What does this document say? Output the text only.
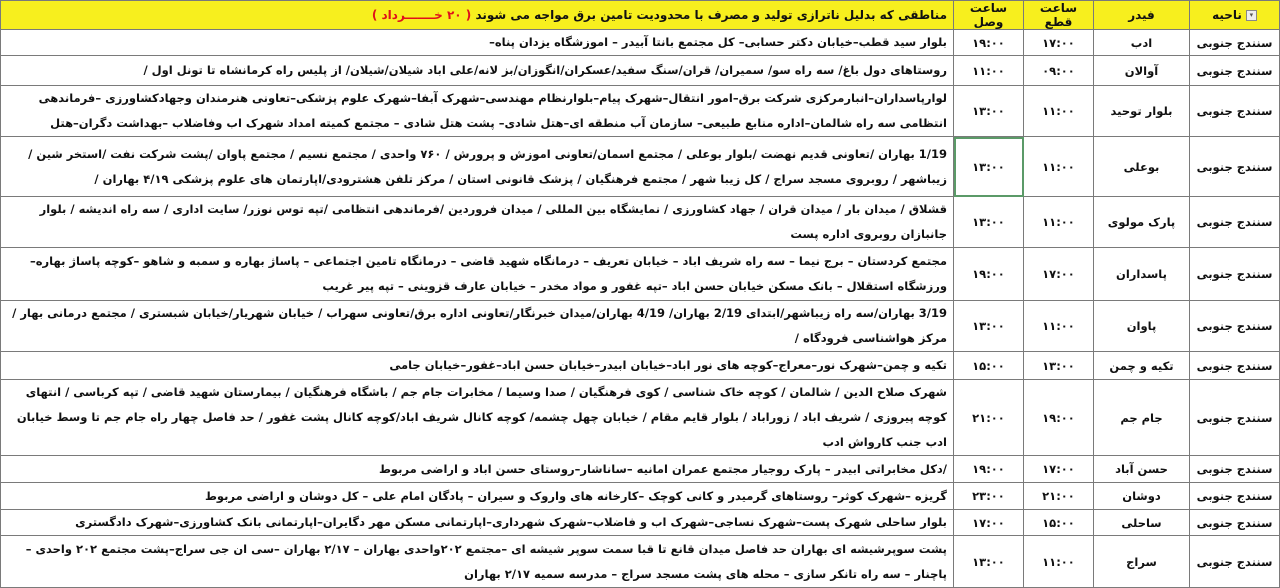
▾ناحیه	فیدر	ساعت قطع	ساعت وصل	مناطقی که بدلیل ناترازی تولید و مصرف با محدودیت تامین برق مواجه می شوند ( ۲۰ خـــــــرداد )
سنندج جنوبی	ادب	۱۷:۰۰	۱۹:۰۰	بلوار سید قطب–خیابان دکتر حسابی– کل مجتمع بانتا آبیدر – اموزشگاه یزدان پناه–
سنندج جنوبی	آوالان	۰۹:۰۰	۱۱:۰۰	روستاهای دول باغ/ سه راه سو/ سمیران/ قران/سنگ سفید/عسکران/انگوزان/بز لانه/علی اباد شیلان/شیلان/ از پلیس راه کرمانشاه تا تونل اول /
سنندج جنوبی	بلوار توحید	۱۱:۰۰	۱۳:۰۰	لوارپاسداران–انبارمرکزی شرکت برق–امور انتقال–شهرک پیام–بلوارنظام مهندسی–شهرک آبفا–شهرک علوم پزشکی–تعاونی هنرمندان وجهادکشاورزی –فرماندهی انتظامی سه راه شالمان–اداره منابع طبیعی– سازمان آب منطقه ای–هتل شادی– پشت هتل شادی – مجتمع کمیته امداد شهرک اب وفاضلاب –بهداشت دگران–هتل
سنندج جنوبی	بوعلی	۱۱:۰۰	۱۳:۰۰	1/19 بهاران /تعاونی قدیم نهضت /بلوار بوعلی / مجتمع اسمان/تعاونی اموزش و پرورش / ۷۶۰ واحدی / مجتمع نسیم / مجتمع پاوان /پشت شرکت نفت /استخر شین / زیباشهر / روبروی مسجد سراج / کل زیبا شهر / مجتمع فرهنگیان / پزشک قانونی استان / مرکز تلفن هشترودی/اپارتمان های علوم پزشکی ۴/۱۹ بهاران /
سنندج جنوبی	پارک مولوی	۱۱:۰۰	۱۳:۰۰	قشلاق / میدان بار / میدان قران / جهاد کشاورزی / نمایشگاه بین المللی / میدان فروردین /فرماندهی انتظامی /تپه توس نوزر/ سایت اداری / سه راه اندیشه / بلوار جانبازان روبروی اداره پست
سنندج جنوبی	پاسداران	۱۷:۰۰	۱۹:۰۰	مجتمع کردستان – برج نیما – سه راه شریف اباد – خیابان تعریف – درمانگاه شهید قاضی – درمانگاه تامین اجتماعی – پاساژ بهاره و سمبه و شاهو –کوچه پاساژ بهاره–ورزشگاه استقلال – بانک مسکن خیابان حسن اباد –تپه غفور و مواد مخدر – خیابان عارف قزوینی – تپه پیر غریب
سنندج جنوبی	پاوان	۱۱:۰۰	۱۳:۰۰	3/19 بهاران/سه راه زیباشهر/ابتدای 2/19 بهاران/ 4/19 بهاران/میدان خبرنگار/تعاونی اداره برق/تعاونی سهراب / خیابان شهریار/خیابان شبستری / مجتمع درمانی بهار / مرکز هواشناسی فرودگاه /
سنندج جنوبی	تکیه و چمن	۱۳:۰۰	۱۵:۰۰	تکیه و چمن–شهرک نور–معراج–کوچه های نور اباد–خیابان ابیدر–خیابان حسن اباد–غفور–خیابان جامی
سنندج جنوبی	جام جم	۱۹:۰۰	۲۱:۰۰	شهرک صلاح الدین / شالمان / کوچه خاک شناسی / کوی فرهنگیان / صدا وسیما / مخابرات جام جم / باشگاه فرهنگیان / بیمارستان شهید قاضی / تپه کرباسی / انتهای کوچه پیروزی / شریف اباد / زوراباد / بلوار قایم مقام / خیابان چهل چشمه/ کوچه کانال شریف اباد/کوچه کانال پشت غفور / حد فاصل چهار راه جام جم تا وسط خیابان ادب جنب کارواش ادب
سنندج جنوبی	حسن آباد	۱۷:۰۰	۱۹:۰۰	/دکل مخابراتی ابیدر – پارک روجیار مجتمع عمران امانیه –ساناشار–روستای حسن اباد و اراضی مربوط
سنندج جنوبی	دوشان	۲۱:۰۰	۲۳:۰۰	گریزه –شهرک کوثر– روستاهای گرمیدر و کانی کوچک –کارخانه های واروک و سیران – پادگان امام علی – کل دوشان و اراضی مربوط
سنندج جنوبی	ساحلی	۱۵:۰۰	۱۷:۰۰	بلوار ساحلی شهرک پست–شهرک نساجی–شهرک اب و فاضلاب–شهرک شهرداری–اپارتمانی مسکن مهر دگایران–اپارتمانی بانک کشاورزی–شهرک دادگستری
سنندج جنوبی	سراج	۱۱:۰۰	۱۳:۰۰	پشت سوپرشیشه ای بهاران حد فاصل میدان قانع تا قبا سمت سوپر شیشه ای –مجتمع ۲۰۲واحدی بهاران – ۲/۱۷ بهاران –سی ان جی سراج–پشت مجتمع ۲۰۲ واحدی – پاچنار – سه راه تانکر سازی – محله های پشت مسجد سراج – مدرسه سمیه ۲/۱۷ بهاران
